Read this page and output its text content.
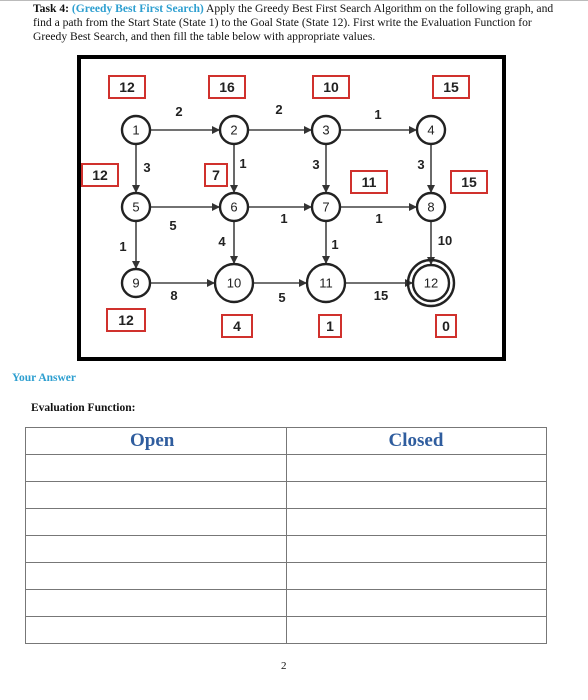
Task 4: (Greedy Best First Search) Apply the Greedy Best First Search Algorithm on the following graph, and find a path from the Start State (State 1) to the Goal State (State 12). First write the Evaluation Function for Greedy Best Search, and then fill the table below with appropriate values.
1	2	3	4
5	6	7	8
9	10	11	12
2	2	1
3	1	3	3
5	1	1
1	4	1	10
8	5	15
12	16	10	15
12	7	11	15
12	4	1	0
Your Answer
Evaluation Function:
Open	Closed

2
